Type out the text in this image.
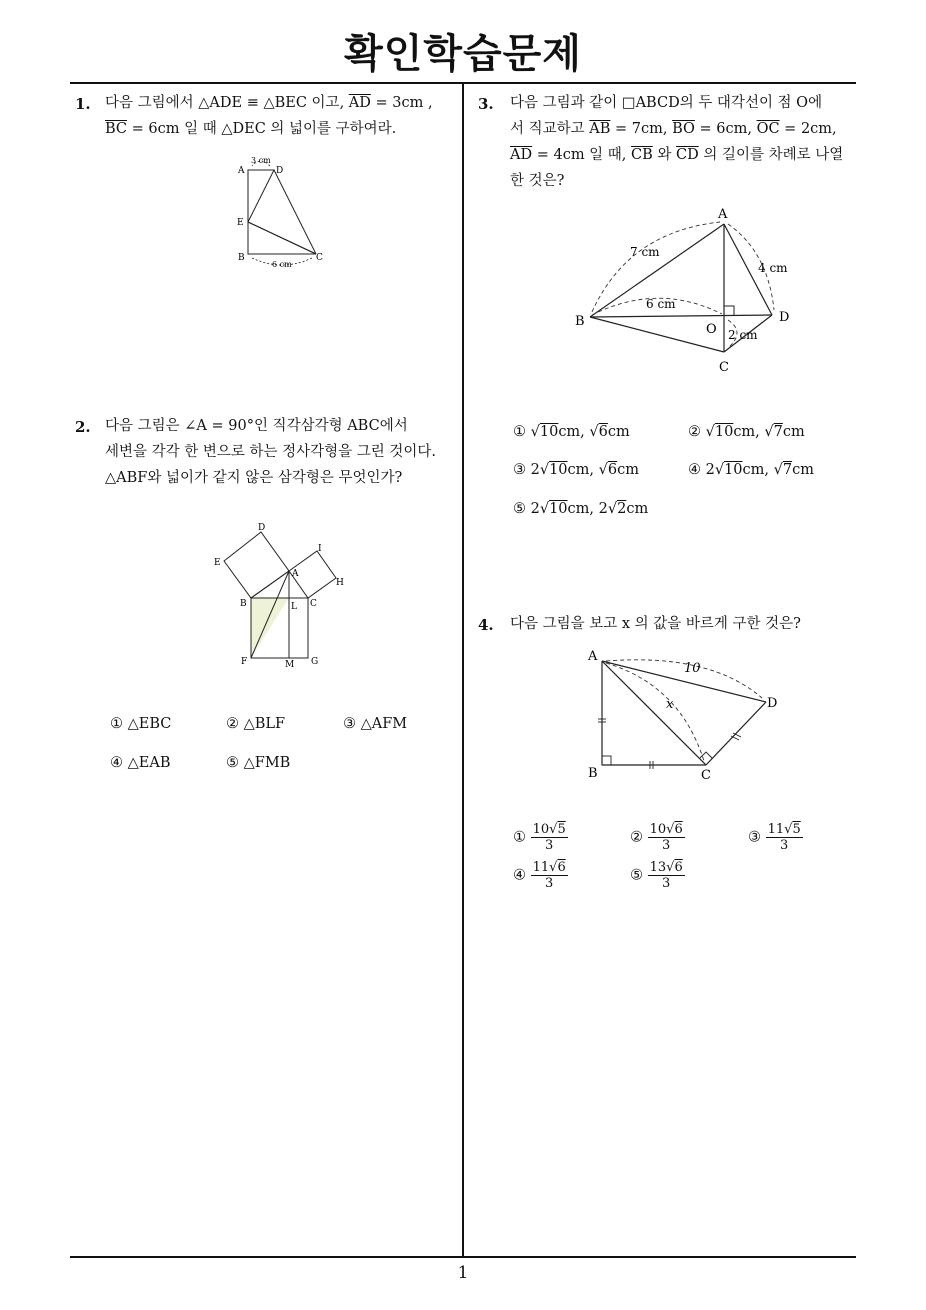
확인학습문제
1. 다음 그림에서 △ADE ≡ △BEC 이고, $\overline{AD} = 3cm$ ,
$\overline{BC} = 6cm$ 일 때 △DEC 의 넓이를 구하여라.
A	D
E
B	C
3 cm
6 cm
2. 다음 그림은 ∠A = 90°인 직각삼각형 ABC에서
세변을 각각 한 변으로 하는 정사각형을 그린 것이다.
△ABF와 넓이가 같지 않은 삼각형은 무엇인가?
D
I
E
A
H
B	L C
F	M G
① △EBC	② △BLF	③ △AFM
④ △EAB	⑤ △FMB
3. 다음 그림과 같이 □ABCD의 두 대각선이 점 O에
서 직교하고 $\overline{AB} = 7cm$, $\overline{BO} = 6cm$, $\overline{OC} = 2cm$,
$\overline{AD} = 4cm$ 일 때, $\overline{CB}$ 와 $\overline{CD}$ 의 길이를 차례로 나열
한 것은?
A
B
O
D
C
7 cm
4 cm
6 cm
2 cm
① √10cm, √6cm	② √10cm, √7cm
③ 2√10cm, √6cm	④ 2√10cm, √7cm
⑤ 2√10cm, 2√2cm
4. 다음 그림을 보고 x 의 값을 바르게 구한 것은?
A
B	C
D
10
x
① $\frac{10√5}{3}$	② $\frac{10√6}{3}$	③ $\frac{11√5}{3}$
④ $\frac{11√6}{3}$	⑤ $\frac{13√6}{3}$
1
